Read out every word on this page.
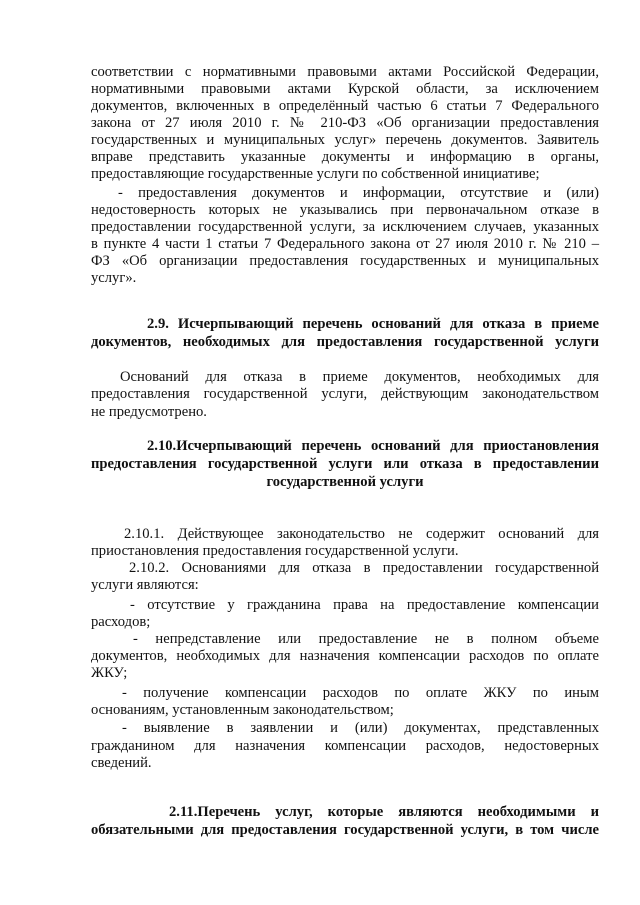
соответствии с нормативными правовыми актами Российской Федерации,
нормативными правовыми актами Курской области, за исключением
документов, включенных в определённый частью 6 статьи 7 Федерального
закона от 27 июля 2010 г. № 210-ФЗ «Об организации предоставления
государственных и муниципальных услуг» перечень документов. Заявитель
вправе представить указанные документы и информацию в органы,
предоставляющие государственные услуги по собственной инициативе;
- предоставления документов и информации, отсутствие и (или)
недостоверность которых не указывались при первоначальном отказе в
предоставлении государственной услуги, за исключением случаев, указанных
в пункте 4 части 1 статьи 7 Федерального закона от 27 июля 2010 г. № 210 –
ФЗ «Об организации предоставления государственных и муниципальных
услуг».
2.9. Исчерпывающий перечень оснований для отказа в приеме
документов, необходимых для предоставления государственной услуги
Оснований для отказа в приеме документов, необходимых для
предоставления государственной услуги, действующим законодательством
не предусмотрено.
2.10.Исчерпывающий перечень оснований для приостановления
предоставления государственной услуги или отказа в предоставлении
государственной услуги
2.10.1. Действующее законодательство не содержит оснований для
приостановления предоставления государственной услуги.
2.10.2. Основаниями для отказа в предоставлении государственной
услуги являются:
- отсутствие у гражданина права на предоставление компенсации
расходов;
- непредставление или предоставление не в полном объеме
документов, необходимых для назначения компенсации расходов по оплате
ЖКУ;
- получение компенсации расходов по оплате ЖКУ по иным
основаниям, установленным законодательством;
- выявление в заявлении и (или) документах, представленных
гражданином для назначения компенсации расходов, недостоверных
сведений.
2.11.Перечень услуг, которые являются необходимыми и
обязательными для предоставления государственной услуги, в том числе
